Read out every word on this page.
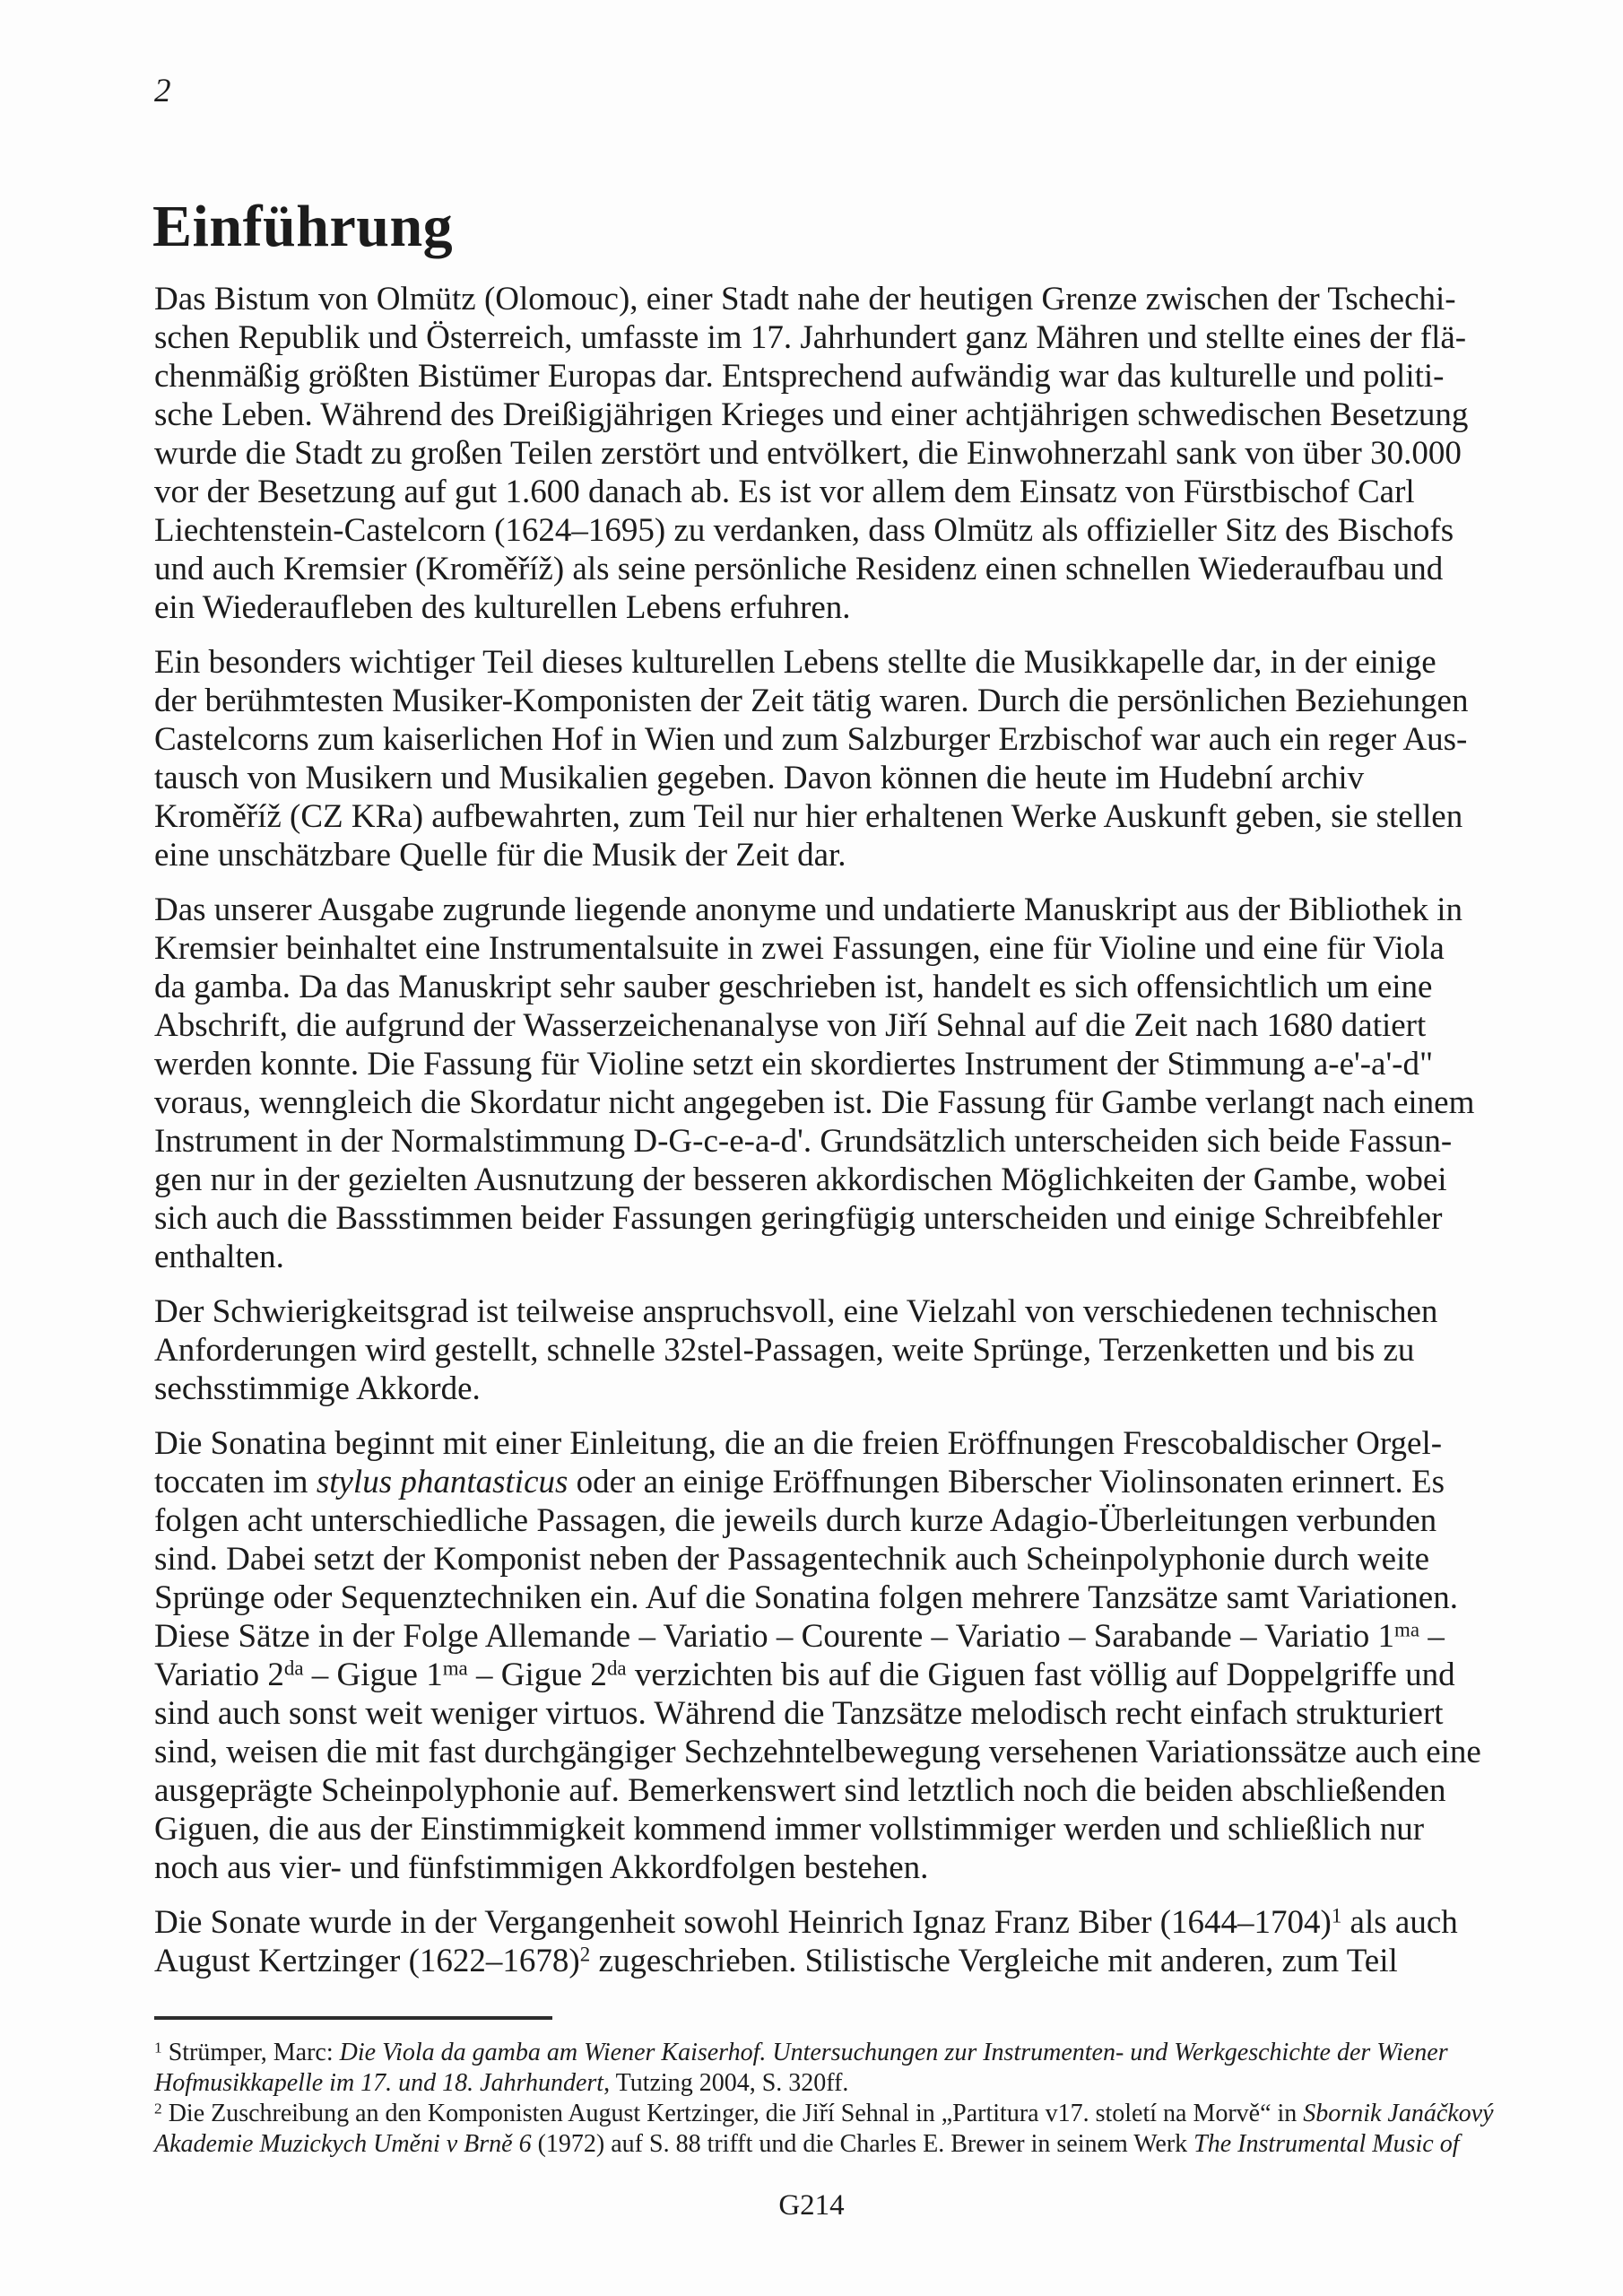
2
Einführung
Das Bistum von Olmütz (Olomouc), einer Stadt nahe der heutigen Grenze zwischen der Tschechi-
schen Republik und Österreich, umfasste im 17. Jahrhundert ganz Mähren und stellte eines der flä-
chenmäßig größten Bistümer Europas dar. Entsprechend aufwändig war das kulturelle und politi-
sche Leben. Während des Dreißigjährigen Krieges und einer achtjährigen schwedischen Besetzung
wurde die Stadt zu großen Teilen zerstört und entvölkert, die Einwohnerzahl sank von über 30.000
vor der Besetzung auf gut 1.600 danach ab. Es ist vor allem dem Einsatz von Fürstbischof Carl
Liechtenstein-Castelcorn (1624–1695) zu verdanken, dass Olmütz als offizieller Sitz des Bischofs
und auch Kremsier (Kroměříž) als seine persönliche Residenz einen schnellen Wiederaufbau und
ein Wiederaufleben des kulturellen Lebens erfuhren.
Ein besonders wichtiger Teil dieses kulturellen Lebens stellte die Musikkapelle dar, in der einige
der berühmtesten Musiker-Komponisten der Zeit tätig waren. Durch die persönlichen Beziehungen
Castelcorns zum kaiserlichen Hof in Wien und zum Salzburger Erzbischof war auch ein reger Aus-
tausch von Musikern und Musikalien gegeben. Davon können die heute im Hudební archiv
Kroměříž (CZ KRa) aufbewahrten, zum Teil nur hier erhaltenen Werke Auskunft geben, sie stellen
eine unschätzbare Quelle für die Musik der Zeit dar.
Das unserer Ausgabe zugrunde liegende anonyme und undatierte Manuskript aus der Bibliothek in
Kremsier beinhaltet eine Instrumentalsuite in zwei Fassungen, eine für Violine und eine für Viola
da gamba. Da das Manuskript sehr sauber geschrieben ist, handelt es sich offensichtlich um eine
Abschrift, die aufgrund der Wasserzeichenanalyse von Jiří Sehnal auf die Zeit nach 1680 datiert
werden konnte. Die Fassung für Violine setzt ein skordiertes Instrument der Stimmung a-e'-a'-d"
voraus, wenngleich die Skordatur nicht angegeben ist. Die Fassung für Gambe verlangt nach einem
Instrument in der Normalstimmung D-G-c-e-a-d'. Grundsätzlich unterscheiden sich beide Fassun-
gen nur in der gezielten Ausnutzung der besseren akkordischen Möglichkeiten der Gambe, wobei
sich auch die Bassstimmen beider Fassungen geringfügig unterscheiden und einige Schreibfehler
enthalten.
Der Schwierigkeitsgrad ist teilweise anspruchsvoll, eine Vielzahl von verschiedenen technischen
Anforderungen wird gestellt, schnelle 32stel-Passagen, weite Sprünge, Terzenketten und bis zu
sechsstimmige Akkorde.
Die Sonatina beginnt mit einer Einleitung, die an die freien Eröffnungen Frescobaldischer Orgel-
toccaten im stylus phantasticus oder an einige Eröffnungen Biberscher Violinsonaten erinnert. Es
folgen acht unterschiedliche Passagen, die jeweils durch kurze Adagio-Überleitungen verbunden
sind. Dabei setzt der Komponist neben der Passagentechnik auch Scheinpolyphonie durch weite
Sprünge oder Sequenztechniken ein. Auf die Sonatina folgen mehrere Tanzsätze samt Variationen.
Diese Sätze in der Folge Allemande – Variatio – Courente – Variatio – Sarabande – Variatio $1^{ma}$ –
Variatio $2^{da}$ – Gigue $1^{ma}$ – Gigue $2^{da}$ verzichten bis auf die Giguen fast völlig auf Doppelgriffe und
sind auch sonst weit weniger virtuos. Während die Tanzsätze melodisch recht einfach strukturiert
sind, weisen die mit fast durchgängiger Sechzehntelbewegung versehenen Variationssätze auch eine
ausgeprägte Scheinpolyphonie auf. Bemerkenswert sind letztlich noch die beiden abschließenden
Giguen, die aus der Einstimmigkeit kommend immer vollstimmiger werden und schließlich nur
noch aus vier- und fünfstimmigen Akkordfolgen bestehen.
Die Sonate wurde in der Vergangenheit sowohl Heinrich Ignaz Franz Biber (1644–1704)$^1$ als auch
August Kertzinger (1622–1678)$^2$ zugeschrieben. Stilistische Vergleiche mit anderen, zum Teil
$^1$ Strümper, Marc: Die Viola da gamba am Wiener Kaiserhof. Untersuchungen zur Instrumenten- und Werkgeschichte der Wiener
Hofmusikkapelle im 17. und 18. Jahrhundert, Tutzing 2004, S. 320ff.
$^2$ Die Zuschreibung an den Komponisten August Kertzinger, die Jiří Sehnal in „Partitura v17. století na Morvě“ in Sbornik Janáčkový
Akademie Muzickych Uměni v Brně 6 (1972) auf S. 88 trifft und die Charles E. Brewer in seinem Werk The Instrumental Music of
G214
